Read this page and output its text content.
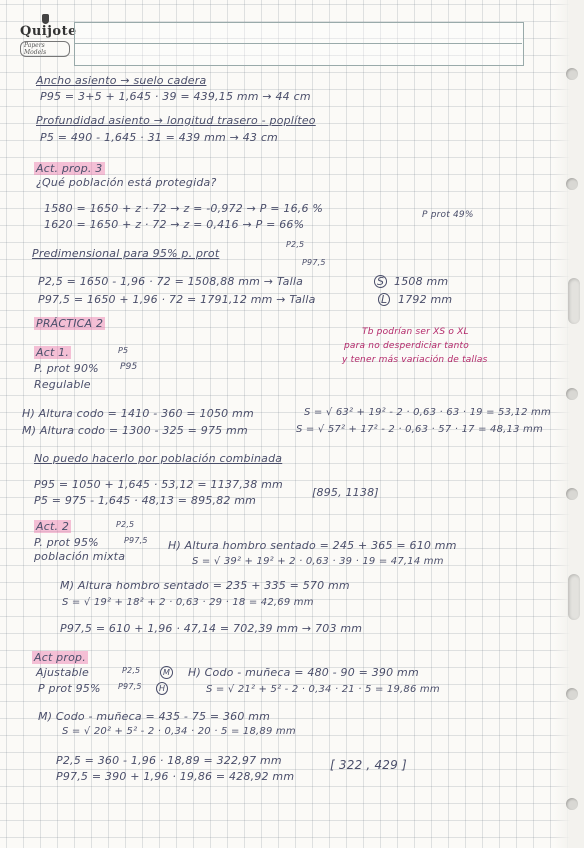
Quijote
Papers Models
Ancho asiento → suelo cadera
P95 = 3+5 + 1,645 · 39 = 439,15 mm → 44 cm
Profundidad asiento → longitud trasero - poplíteo
P5 = 490 - 1,645 · 31 = 439 mm → 43 cm
Act. prop. 3
¿Qué población está protegida?
1580 = 1650 + z · 72 → z = -0,972 → P = 16,6 %
1620 = 1650 + z · 72 → z = 0,416 → P = 66%
P prot 49%
Predimensional para 95% p. prot
P2,5
P97,5
P2,5 = 1650 - 1,96 · 72 = 1508,88 mm → Talla	S 1508 mm
P97,5 = 1650 + 1,96 · 72 = 1791,12 mm → Talla	L 1792 mm
PRÁCTICA 2
Tb podrían ser XS o XL
para no desperdiciar tanto
y tener más variación de tallas
Act 1.	P5
P. prot 90% P95
Regulable
H) Altura codo = 1410 - 360 = 1050 mm	S = √ 63² + 19² - 2 · 0,63 · 63 · 19 = 53,12 mm
M) Altura codo = 1300 - 325 = 975 mm	S = √ 57² + 17² - 2 · 0,63 · 57 · 17 = 48,13 mm
No puedo hacerlo por población combinada
P95 = 1050 + 1,645 · 53,12 = 1137,38 mm
P5 = 975 - 1,645 · 48,13 = 895,82 mm
[895, 1138]
Act. 2	P2,5
P. prot 95%	P97,5
población mixta
H) Altura hombro sentado = 245 + 365 = 610 mm
S = √ 39² + 19² + 2 · 0,63 · 39 · 19 = 47,14 mm
M) Altura hombro sentado = 235 + 335 = 570 mm
S = √ 19² + 18² + 2 · 0,63 · 29 · 18 = 42,69 mm
P97,5 = 610 + 1,96 · 47,14 = 702,39 mm → 703 mm
Act prop.
Ajustable	P2,5	M
P prot 95% P97,5	H
H) Codo - muñeca = 480 - 90 = 390 mm
S = √ 21² + 5² - 2 · 0,34 · 21 · 5 = 19,86 mm
M) Codo - muñeca = 435 - 75 = 360 mm
S = √ 20² + 5² - 2 · 0,34 · 20 · 5 = 18,89 mm
P2,5 = 360 - 1,96 · 18,89 = 322,97 mm
P97,5 = 390 + 1,96 · 19,86 = 428,92 mm
[ 322 , 429 ]
